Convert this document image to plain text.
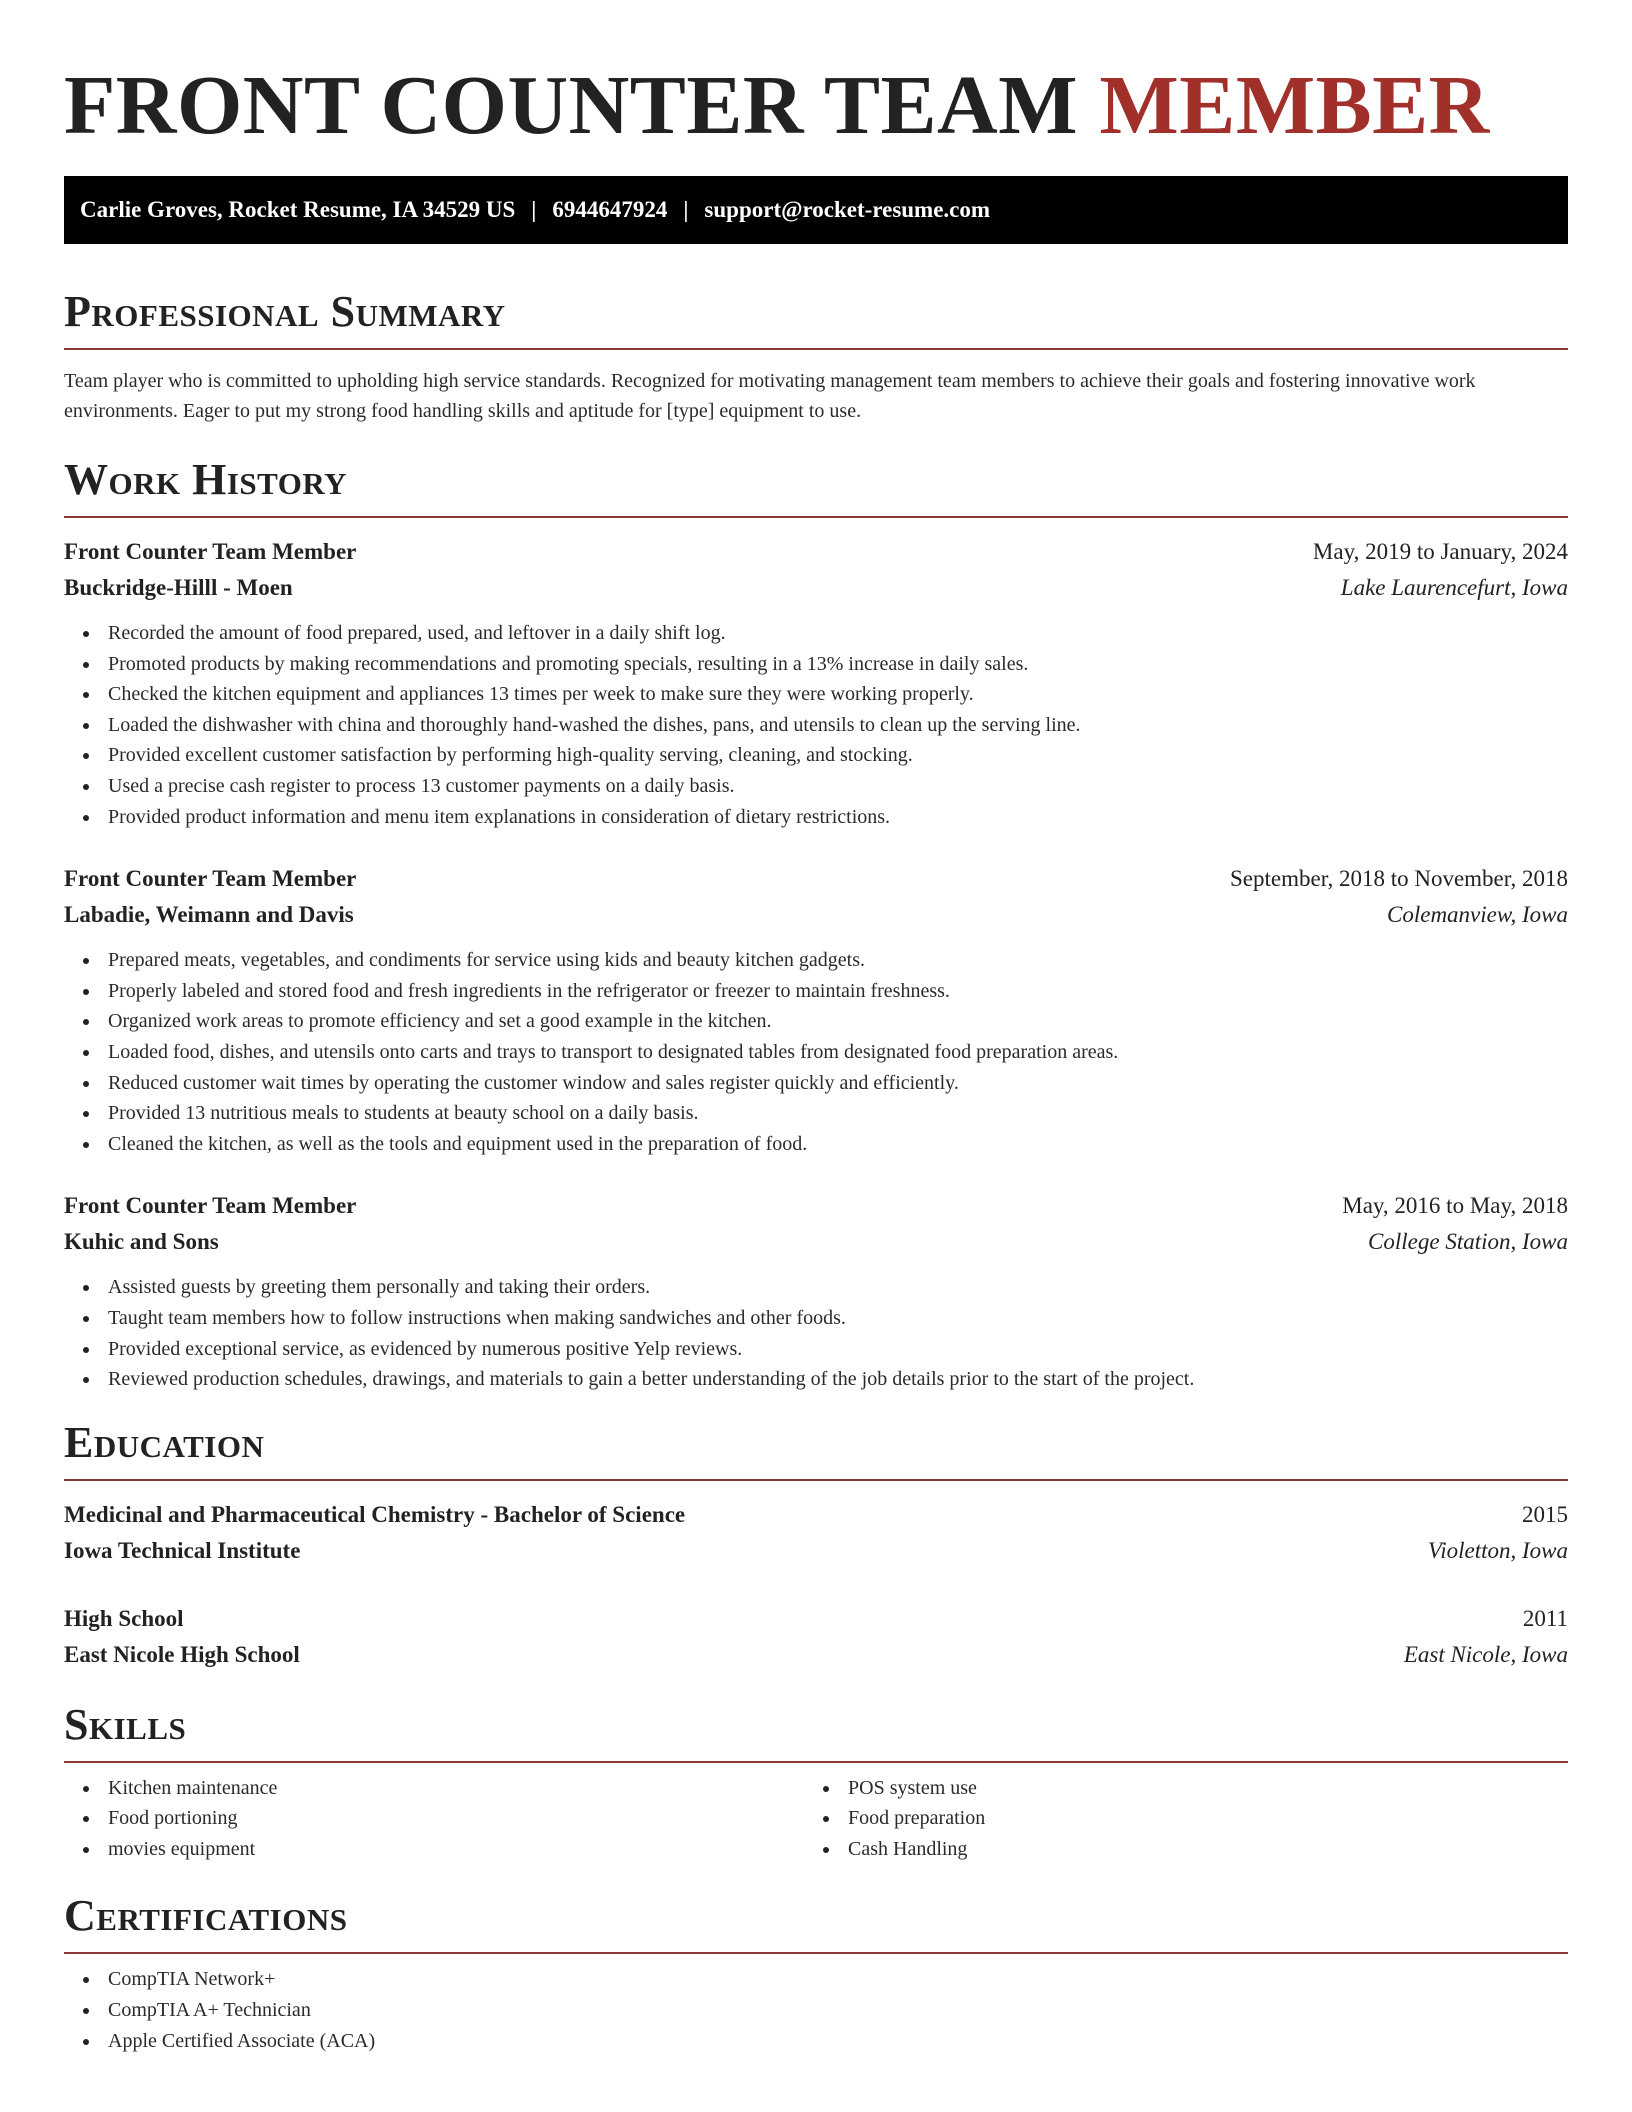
FRONT COUNTER TEAM MEMBER
Carlie Groves, Rocket Resume, IA 34529 US | 6944647924 | support@rocket-resume.com
Professional Summary
Team player who is committed to upholding high service standards. Recognized for motivating management team members to achieve their goals and fostering innovative work environments. Eager to put my strong food handling skills and aptitude for [type] equipment to use.
Work History
Front Counter Team Member	May, 2019 to January, 2024
Buckridge-Hilll - Moen	Lake Laurencefurt, Iowa
Recorded the amount of food prepared, used, and leftover in a daily shift log.
Promoted products by making recommendations and promoting specials, resulting in a 13% increase in daily sales.
Checked the kitchen equipment and appliances 13 times per week to make sure they were working properly.
Loaded the dishwasher with china and thoroughly hand-washed the dishes, pans, and utensils to clean up the serving line.
Provided excellent customer satisfaction by performing high-quality serving, cleaning, and stocking.
Used a precise cash register to process 13 customer payments on a daily basis.
Provided product information and menu item explanations in consideration of dietary restrictions.
Front Counter Team Member	September, 2018 to November, 2018
Labadie, Weimann and Davis	Colemanview, Iowa
Prepared meats, vegetables, and condiments for service using kids and beauty kitchen gadgets.
Properly labeled and stored food and fresh ingredients in the refrigerator or freezer to maintain freshness.
Organized work areas to promote efficiency and set a good example in the kitchen.
Loaded food, dishes, and utensils onto carts and trays to transport to designated tables from designated food preparation areas.
Reduced customer wait times by operating the customer window and sales register quickly and efficiently.
Provided 13 nutritious meals to students at beauty school on a daily basis.
Cleaned the kitchen, as well as the tools and equipment used in the preparation of food.
Front Counter Team Member	May, 2016 to May, 2018
Kuhic and Sons	College Station, Iowa
Assisted guests by greeting them personally and taking their orders.
Taught team members how to follow instructions when making sandwiches and other foods.
Provided exceptional service, as evidenced by numerous positive Yelp reviews.
Reviewed production schedules, drawings, and materials to gain a better understanding of the job details prior to the start of the project.
Education
Medicinal and Pharmaceutical Chemistry - Bachelor of Science	2015
Iowa Technical Institute	Violetton, Iowa
High School	2011
East Nicole High School	East Nicole, Iowa
Skills
Kitchen maintenance
Food portioning
movies equipment
POS system use
Food preparation
Cash Handling
Certifications
CompTIA Network+
CompTIA A+ Technician
Apple Certified Associate (ACA)
